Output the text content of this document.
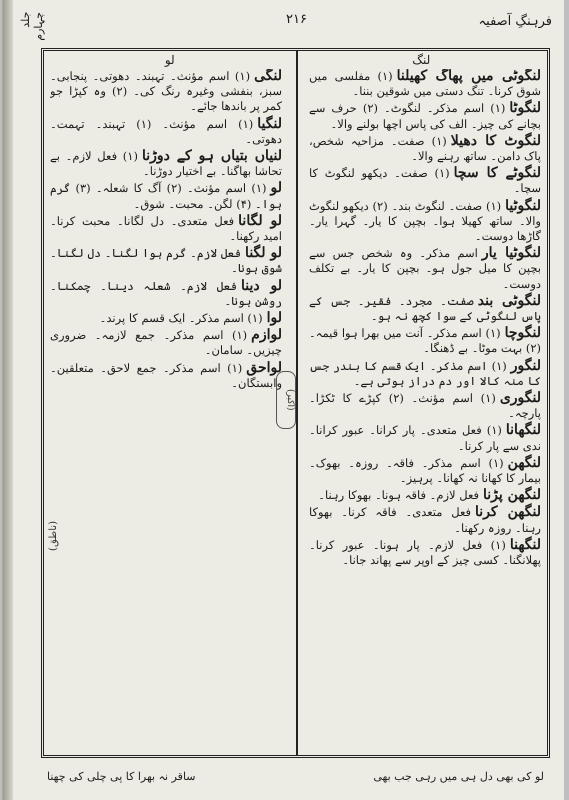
فرہنگِ آصفیہ
۲۱۶
جلد چہارم
لنگ
لو

لنگوٹی میں پھاگ کھیلنا(۱) مفلسی میں شوق کرنا۔ تنگ دستی میں شوقین بننا۔

لنگوٹا(۱) اسم مذکر۔ لنگوٹ۔ (۲) حرف سے بچانے کی چیز۔ الف کی پاس اچھا بولنے والا۔

لنگوٹ کا دھیلا(۱) صفت۔ مزاحیہ شخص، پاک دامن۔ ساتھ رہنے والا۔

لنگوٹے کا سچا(۱) صفت۔ دیکھو لنگوٹ کا سچا۔

لنگوٹیا(۱) صفت۔ لنگوٹ بند۔ (۲) دیکھو لنگوٹ والا۔ ساتھ کھیلا ہوا۔ بچپن کا یار۔ گہرا یار۔ گاڑھا دوست۔

لنگوٹیا یاراسم مذکر۔ وہ شخص جس سے بچپن کا میل جول ہو۔ بچپن کا یار۔ بے تکلف دوست۔

لنگوٹی بندصفت۔ مجرد۔ فقیر۔ جس کے پاس لنگوٹی کے سوا کچھ نہ ہو۔

لنگوچا(۱) اسم مذکر۔ آنت میں بھرا ہوا قیمہ۔ (۲) بہت موٹا۔ بے ڈھنگا۔

لنگور(۱) اسم مذکر۔ ایک قسم کا بندر جس کا منہ کالا اور دم دراز ہوتی ہے۔

لنگوری(۱) اسم مؤنث۔ (۲) کپڑے کا ٹکڑا۔ پارچہ۔

لنگھانا(۱) فعل متعدی۔ پار کرانا۔ عبور کرانا۔ ندی سے پار کرنا۔

لنگھن(۱) اسم مذکر۔ فاقہ۔ روزہ۔ بھوک۔ بیمار کا کھانا نہ کھانا۔ پرہیز۔

لنگھن پڑنافعل لازم۔ فاقہ ہونا۔ بھوکا رہنا۔

لنگھن کرنافعل متعدی۔ فاقہ کرنا۔ بھوکا رہنا۔ روزہ رکھنا۔

لنگھنا(۱) فعل لازم۔ پار ہونا۔ عبور کرنا۔ پھلانگنا۔ کسی چیز کے اوپر سے پھاند جانا۔

لنگی(۱) اسم مؤنث۔ تہبند۔ دھوتی۔ پنجابی۔ سبز، بنفشی وغیرہ رنگ کی۔ (۲) وہ کپڑا جو کمر پر باندھا جائے۔

لنگیا(۱) اسم مؤنث۔ (۱) تہبند۔ تہمت۔ دھوتی۔

لنیاں بتیاں ہو کے دوڑنا(۱) فعل لازم۔ بے تحاشا بھاگنا۔ بے اختیار دوڑنا۔

لو(۱) اسم مؤنث۔ (۲) آگ کا شعلہ۔ (۳) گرم ہوا۔ (۴) لگن۔ محبت۔ شوق۔

لو لگانافعل متعدی۔ دل لگانا۔ محبت کرنا۔ امید رکھنا۔

لو لگنافعل لازم۔ گرم ہوا لگنا۔ دل لگنا۔ شوق ہونا۔

لو دینافعل لازم۔ شعلہ دینا۔ چمکنا۔ روشن ہونا۔

لوا(۱) اسم مذکر۔ ایک قسم کا پرند۔

لوازم(۱) اسم مذکر۔ جمع لازمہ۔ ضروری چیزیں۔ سامان۔

لواحق(۱) اسم مذکر۔ جمع لاحق۔ متعلقین۔ وابستگان۔

(ناطق)
(اکبر)
لو کی بھی دل ہی میں رہی جب بھی
ساقر نہ بھرا کا پی چلی کی چھنا
